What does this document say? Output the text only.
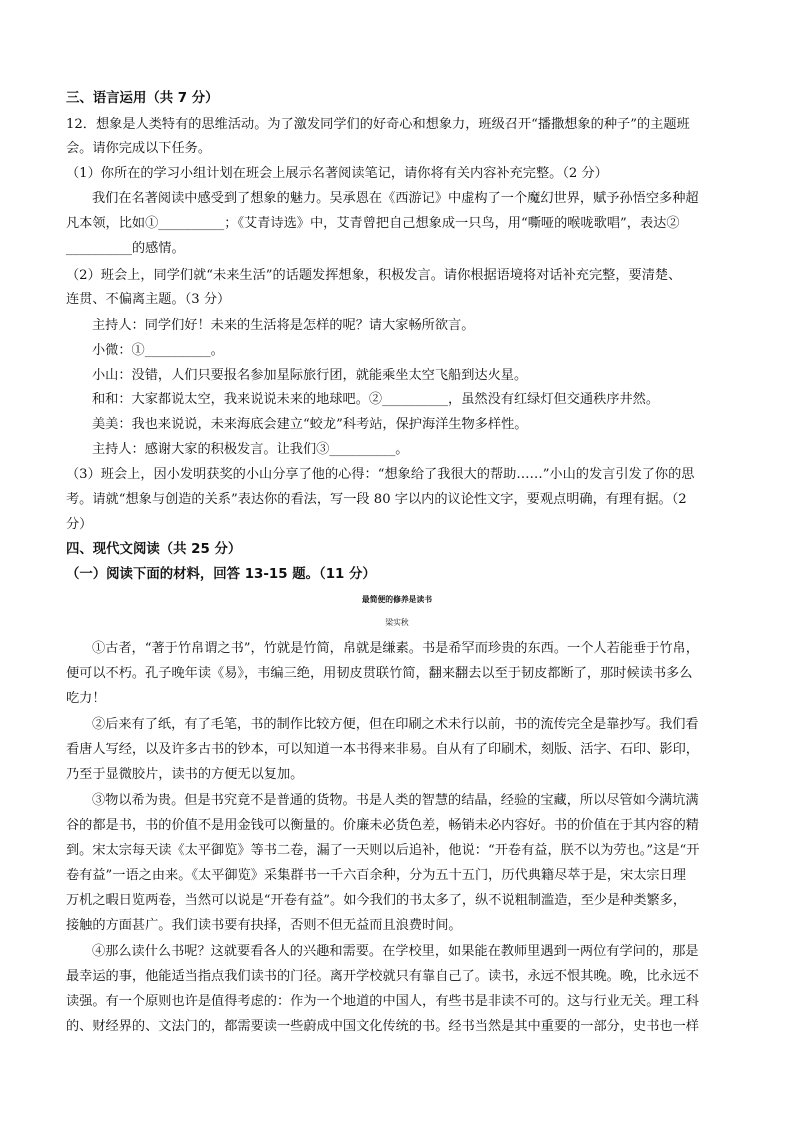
三、语言运用（共 7 分）
12．想象是人类特有的思维活动。为了激发同学们的好奇心和想象力，班级召开“播撒想象的种子”的主题班
会。请你完成以下任务。
（1）你所在的学习小组计划在班会上展示名著阅读笔记，请你将有关内容补充完整。（2 分）
我们在名著阅读中感受到了想象的魅力。吴承恩在《西游记》中虚构了一个魔幻世界，赋予孙悟空多种超
凡本领，比如①__________；《艾青诗选》中，艾青曾把自己想象成一只鸟，用“嘶哑的喉咙歌唱”，表达②
__________的感情。
（2）班会上，同学们就“未来生活”的话题发挥想象，积极发言。请你根据语境将对话补充完整，要清楚、
连贯、不偏离主题。（3 分）
主持人：同学们好！未来的生活将是怎样的呢？请大家畅所欲言。
小微：①__________。
小山：没错，人们只要报名参加星际旅行团，就能乘坐太空飞船到达火星。
和和：大家都说太空，我来说说未来的地球吧。②__________，虽然没有红绿灯但交通秩序井然。
美美：我也来说说，未来海底会建立“蛟龙”科考站，保护海洋生物多样性。
主持人：感谢大家的积极发言。让我们③__________。
（3）班会上，因小发明获奖的小山分享了他的心得：“想象给了我很大的帮助……”小山的发言引发了你的思
考。请就“想象与创造的关系”表达你的看法，写一段 80 字以内的议论性文字，要观点明确，有理有据。（2
分）
四、现代文阅读（共 25 分）
（一）阅读下面的材料，回答 13-15 题。（11 分）
最简便的修养是读书
梁实秋
①古者，“著于竹帛谓之书”，竹就是竹简，帛就是缣素。书是希罕而珍贵的东西。一个人若能垂于竹帛，
便可以不朽。孔子晚年读《易》，韦编三绝，用韧皮贯联竹简，翻来翻去以至于韧皮都断了，那时候读书多么
吃力！
②后来有了纸，有了毛笔，书的制作比较方便，但在印刷之术未行以前，书的流传完全是靠抄写。我们看
看唐人写经，以及许多古书的钞本，可以知道一本书得来非易。自从有了印刷术，刻版、活字、石印、影印，
乃至于显微胶片，读书的方便无以复加。
③物以希为贵。但是书究竟不是普通的货物。书是人类的智慧的结晶，经验的宝藏，所以尽管如今满坑满
谷的都是书，书的价值不是用金钱可以衡量的。价廉未必货色差，畅销未必内容好。书的价值在于其内容的精
到。宋太宗每天读《太平御览》等书二卷，漏了一天则以后追补，他说：“开卷有益，朕不以为劳也。”这是“开
卷有益”一语之由来。《太平御览》采集群书一千六百余种，分为五十五门，历代典籍尽萃于是，宋太宗日理
万机之暇日览两卷，当然可以说是“开卷有益”。如今我们的书太多了，纵不说粗制滥造，至少是种类繁多，
接触的方面甚广。我们读书要有抉择，否则不但无益而且浪费时间。
④那么读什么书呢？这就要看各人的兴趣和需要。在学校里，如果能在教师里遇到一两位有学问的，那是
最幸运的事，他能适当指点我们读书的门径。离开学校就只有靠自己了。读书，永远不恨其晚。晚，比永远不
读强。有一个原则也许是值得考虑的：作为一个地道的中国人，有些书是非读不可的。这与行业无关。理工科
的、财经界的、文法门的，都需要读一些蔚成中国文化传统的书。经书当然是其中重要的一部分，史书也一样
